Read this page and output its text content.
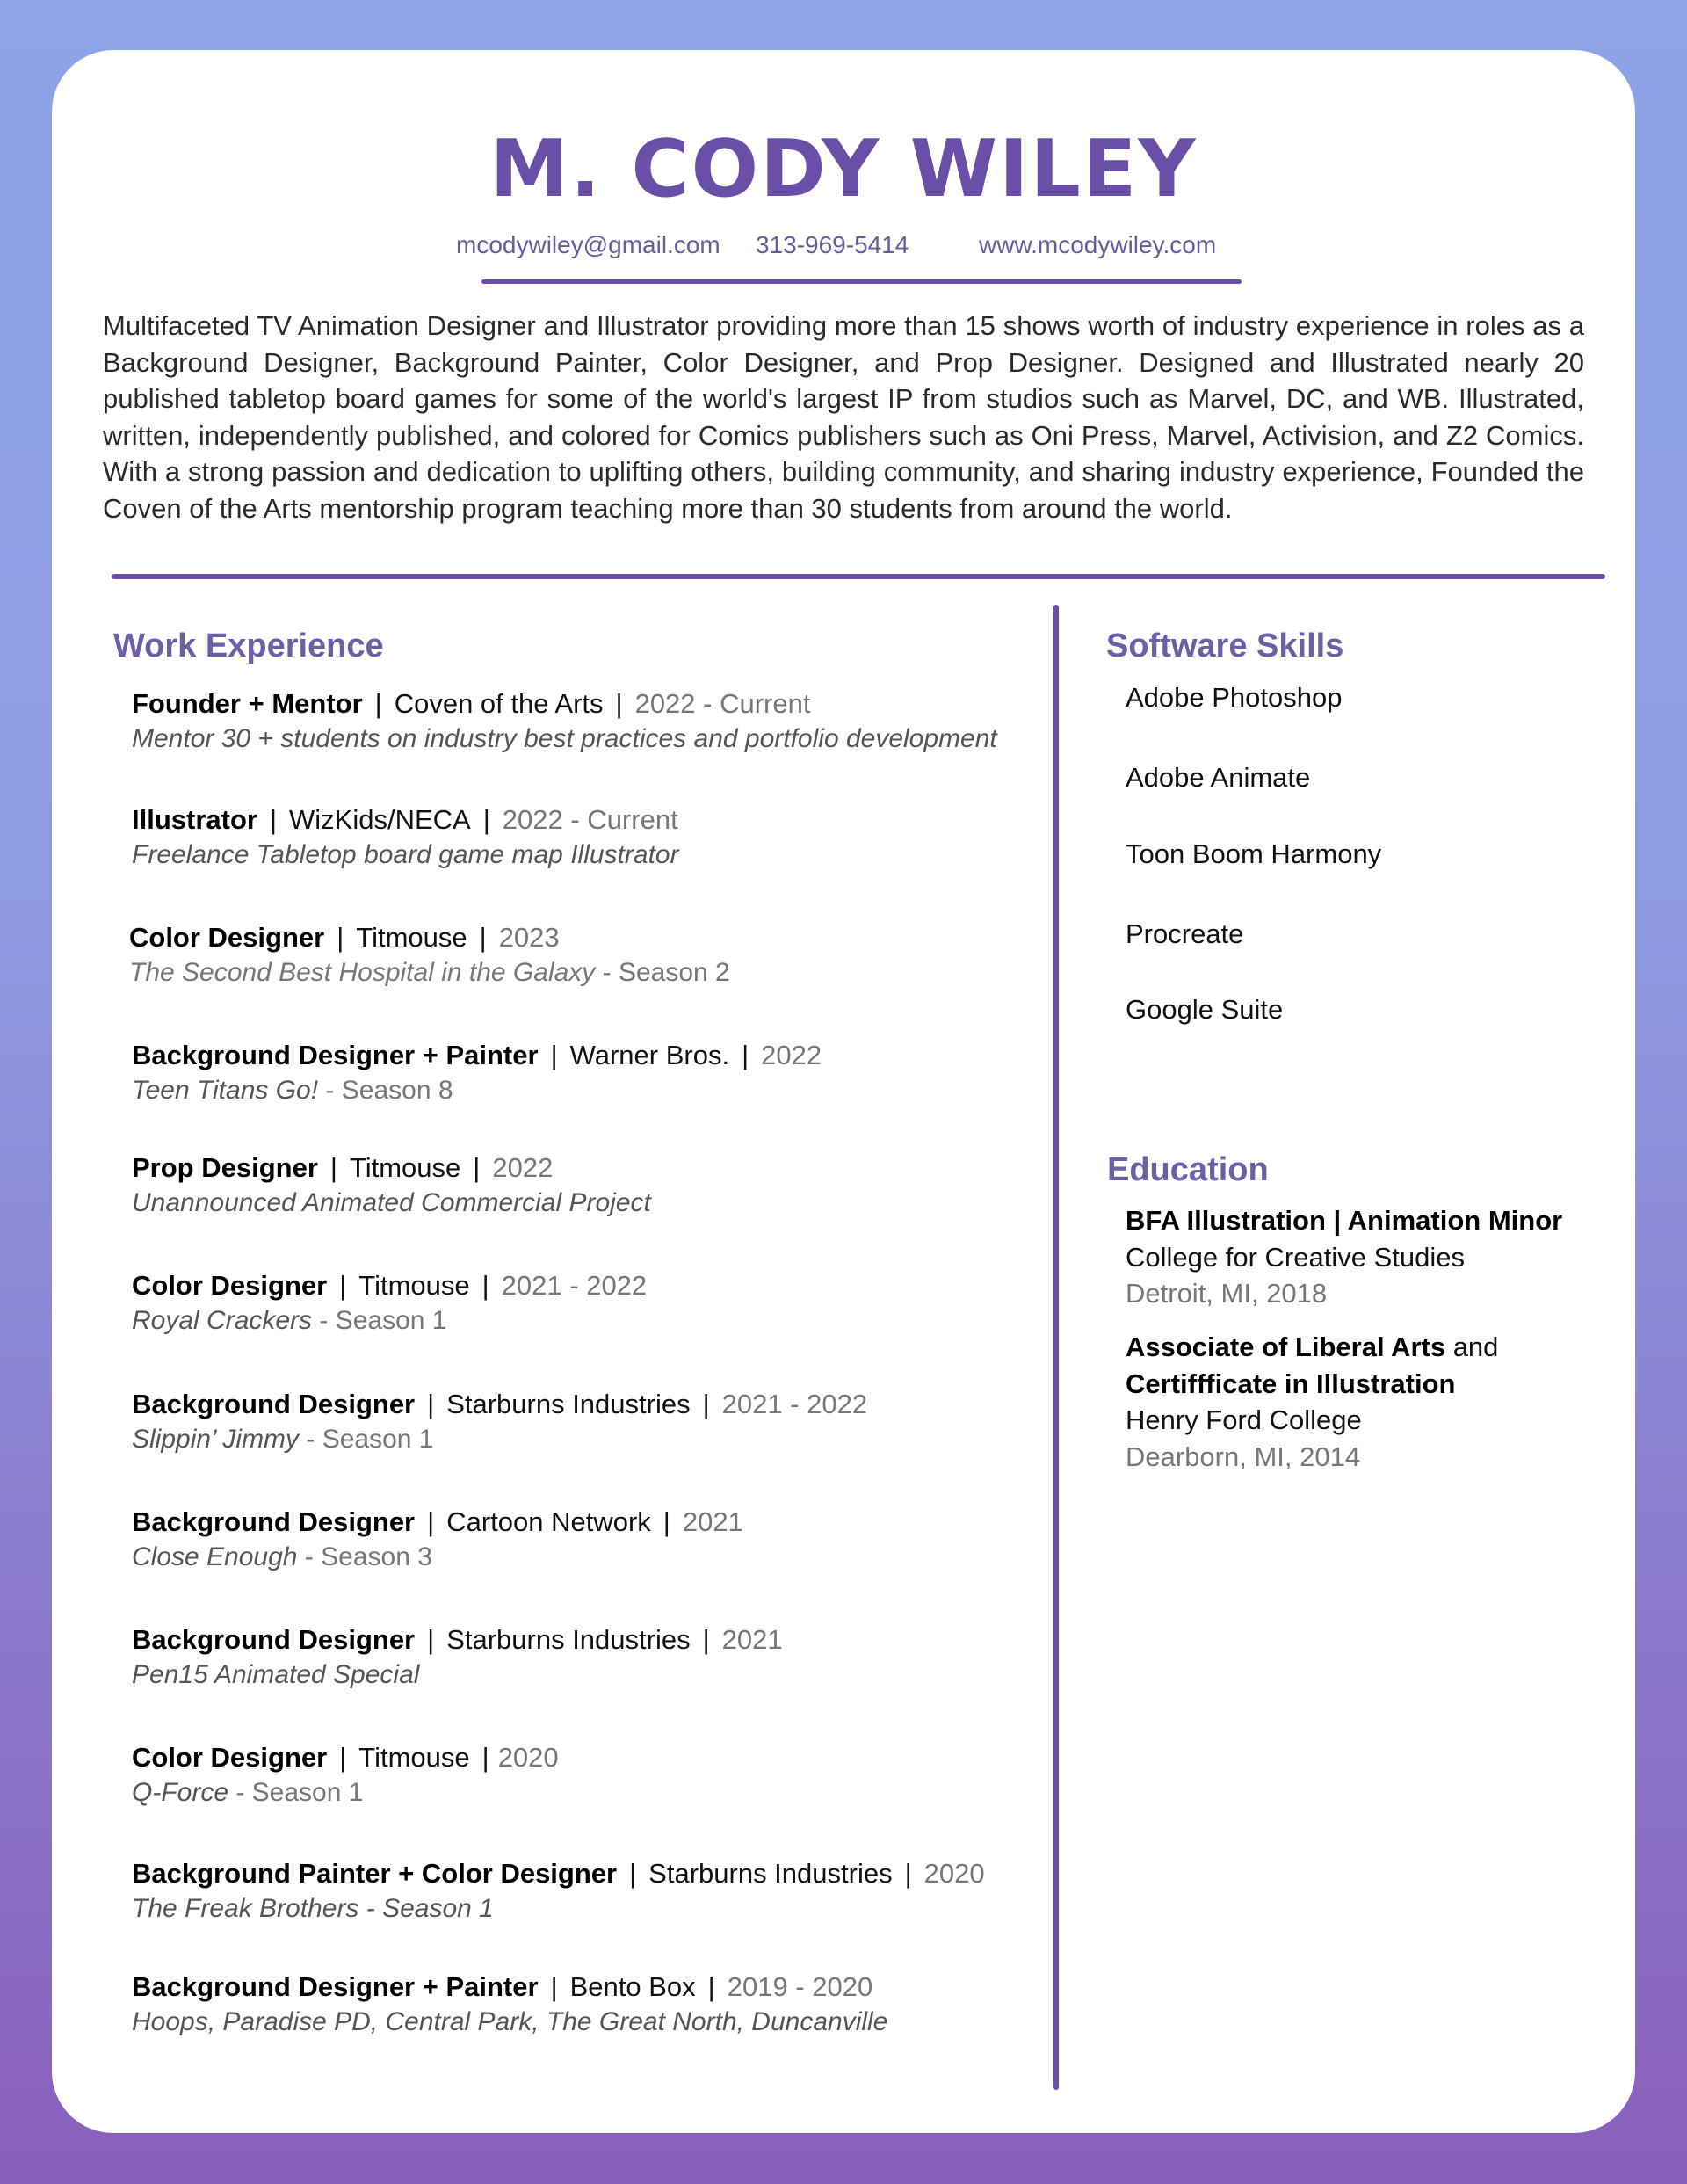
M. CODY WILEY
mcodywiley@gmail.com 313-969-5414	www.mcodywiley.com
Multifaceted TV Animation Designer and Illustrator providing more than 15 shows worth of industry experience in roles as a Background Designer, Background Painter, Color Designer, and Prop Designer. Designed and Illustrated nearly 20 published tabletop board games for some of the world's largest IP from studios such as Marvel, DC, and WB. Illustrated, written, independently published, and colored for Comics publishers such as Oni Press, Marvel, Activision, and Z2 Comics. With a strong passion and dedication to uplifting others, building community, and sharing industry experience, Founded the Coven of the Arts mentorship program teaching more than 30 students from around the world.
Work Experience
Founder + Mentor | Coven of the Arts | 2022 - Current
Mentor 30 + students on industry best practices and portfolio development
Illustrator | WizKids/NECA | 2022 - Current
Freelance Tabletop board game map Illustrator
Color Designer | Titmouse | 2023
The Second Best Hospital in the Galaxy - Season 2
Background Designer + Painter | Warner Bros. | 2022
Teen Titans Go! - Season 8
Prop Designer | Titmouse | 2022
Unannounced Animated Commercial Project
Color Designer | Titmouse | 2021 - 2022
Royal Crackers - Season 1
Background Designer | Starburns Industries | 2021 - 2022
Slippin’ Jimmy - Season 1
Background Designer | Cartoon Network | 2021
Close Enough - Season 3
Background Designer | Starburns Industries | 2021
Pen15 Animated Special
Color Designer | Titmouse | 2020
Q-Force - Season 1
Background Painter + Color Designer | Starburns Industries | 2020
The Freak Brothers - Season 1
Background Designer + Painter | Bento Box | 2019 - 2020
Hoops, Paradise PD, Central Park, The Great North, Duncanville
Software Skills
Adobe Photoshop
Adobe Animate
Toon Boom Harmony
Procreate
Google Suite
Education
BFA Illustration | Animation Minor
College for Creative Studies
Detroit, MI, 2018
Associate of Liberal Arts and
Certiffficate in Illustration
Henry Ford College
Dearborn, MI, 2014
